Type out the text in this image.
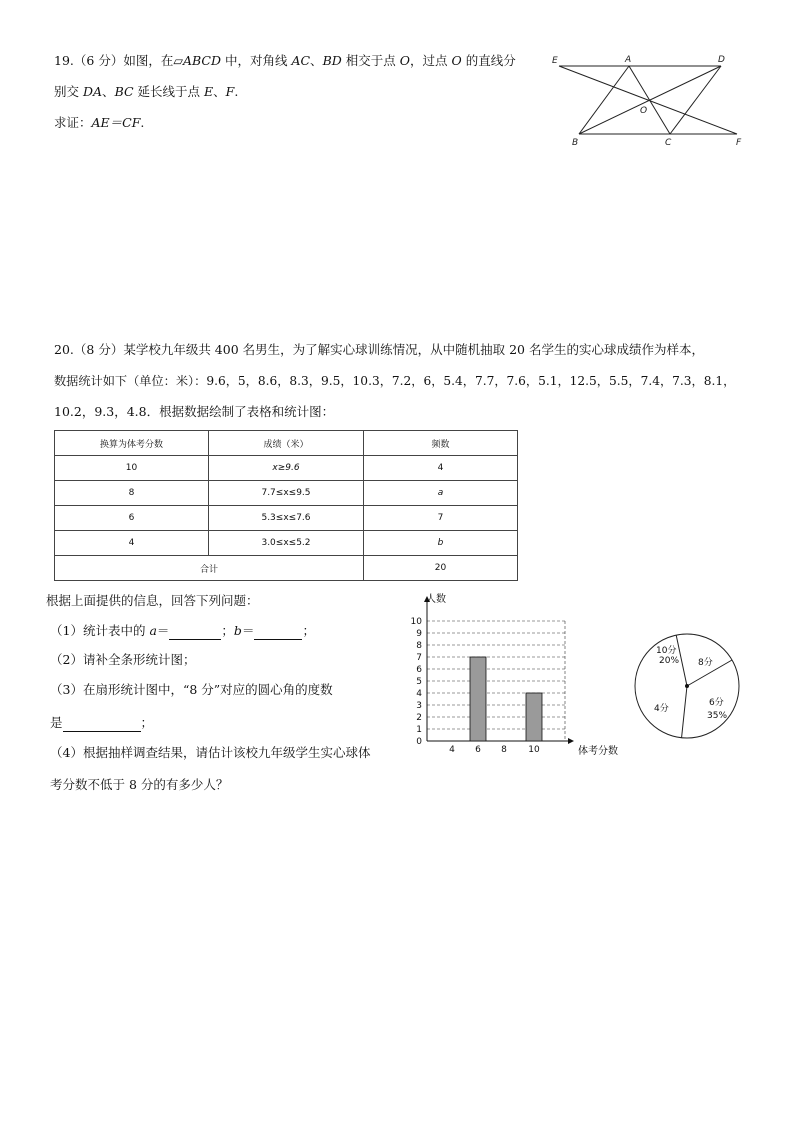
19.（6 分）如图，在▱ABCD 中，对角线 AC、BD 相交于点 O，过点 O 的直线分
别交 DA、BC 延长线于点 E、F.
求证：AE＝CF.
E	A	D
O
B	C	F
20.（8 分）某学校九年级共 400 名男生，为了解实心球训练情况，从中随机抽取 20 名学生的实心球成绩作为样本，
数据统计如下（单位：米）：9.6，5，8.6，8.3，9.5，10.3，7.2，6，5.4，7.7，7.6，5.1，12.5，5.5，7.4，7.3，8.1，
10.2，9.3，4.8．根据数据绘制了表格和统计图：
换算为体考分数	成绩（米）	频数
10	x≥9.6	4
8	7.7≤x≤9.5	a
6	5.3≤x≤7.6	7
4	3.0≤x≤5.2	b
合计		20
根据上面提供的信息，回答下列问题：
（1）统计表中的 a＝	；b＝	；
（2）请补全条形统计图；
（3）在扇形统计图中，“8 分”对应的圆心角的度数
是	；
（4）根据抽样调查结果，请估计该校九年级学生实心球体
考分数不低于 8 分的有多少人？
0
1
2
3
4
5
6
7
8
9
10
4 6 8 10
人数
体考分数
10分
20% 8分
6分
35%
4分
